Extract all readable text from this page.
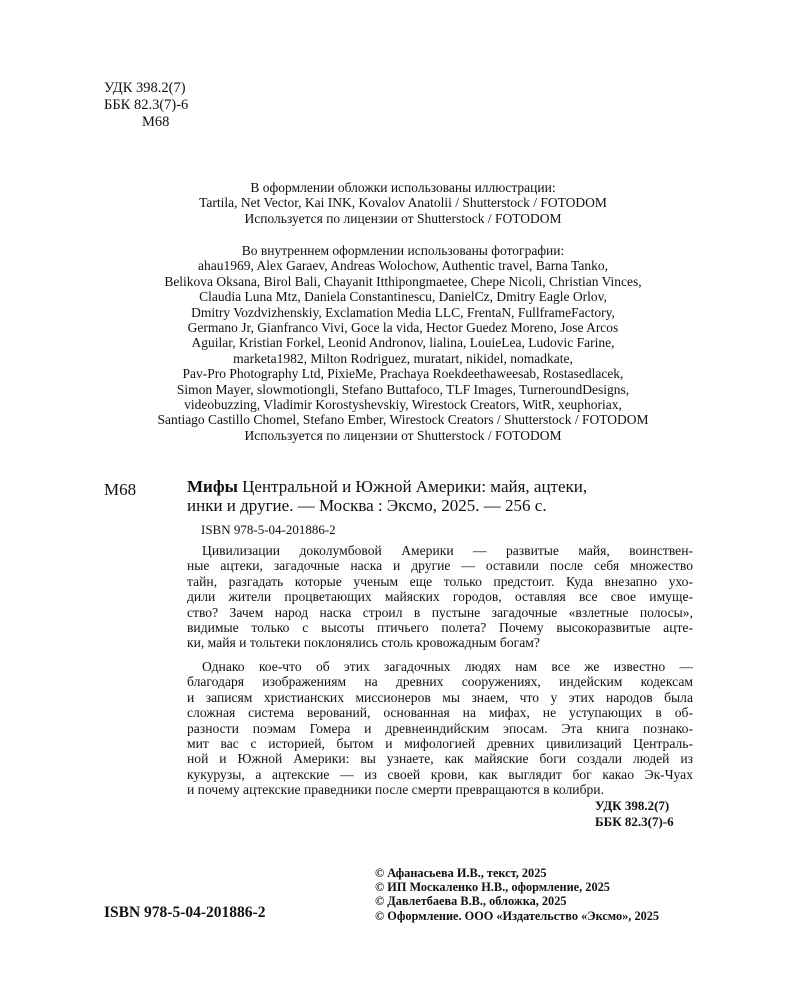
УДК 398.2(7)
ББК 82.3(7)-6
М68
В оформлении обложки использованы иллюстрации:
Tartila, Net Vector, Kai INK, Kovalov Anatolii / Shutterstock / FOTODOM
Используется по лицензии от Shutterstock / FOTODOM
Во внутреннем оформлении использованы фотографии:
ahau1969, Alex Garaev, Andreas Wolochow, Authentic travel, Barna Tanko,
Belikova Oksana, Birol Bali, Chayanit Itthipongmaetee, Chepe Nicoli, Christian Vinces,
Claudia Luna Mtz, Daniela Constantinescu, DanielCz, Dmitry Eagle Orlov,
Dmitry Vozdvizhenskiy, Exclamation Media LLC, FrentaN, FullframeFactory,
Germano Jr, Gianfranco Vivi, Goce la vida, Hector Guedez Moreno, Jose Arcos
Aguilar, Kristian Forkel, Leonid Andronov, lialina, LouieLea, Ludovic Farine,
marketa1982, Milton Rodriguez, muratart, nikidel, nomadkate,
Pav-Pro Photography Ltd, PixieMe, Prachaya Roekdeethaweesab, Rostasedlacek,
Simon Mayer, slowmotiongli, Stefano Buttafoco, TLF Images, TurneroundDesigns,
videobuzzing, Vladimir Korostyshevskiy, Wirestock Creators, WitR, xeuphoriax,
Santiago Castillo Chomel, Stefano Ember, Wirestock Creators / Shutterstock / FOTODOM
Используется по лицензии от Shutterstock / FOTODOM
М68	Мифы Центральной и Южной Америки: майя, ацтеки,
инки и другие. — Москва : Эксмо, 2025. — 256 с.
ISBN 978-5-04-201886-2
Цивилизации доколумбовой Америки — развитые майя, воинствен-
ные ацтеки, загадочные наска и другие — оставили после себя множество
тайн, разгадать которые ученым еще только предстоит. Куда внезапно ухо-
дили жители процветающих майяских городов, оставляя все свое имуще-
ство? Зачем народ наска строил в пустыне загадочные «взлетные полосы»,
видимые только с высоты птичьего полета? Почему высокоразвитые ацте-
ки, майя и тольтеки поклонялись столь кровожадным богам?
Однако кое-что об этих загадочных людях нам все же известно —
благодаря изображениям на древних сооружениях, индейским кодексам
и записям христианских миссионеров мы знаем, что у этих народов была
сложная система верований, основанная на мифах, не уступающих в об-
разности поэмам Гомера и древнеиндийским эпосам. Эта книга познако-
мит вас с историей, бытом и мифологией древних цивилизаций Централь-
ной и Южной Америки: вы узнаете, как майяские боги создали людей из
кукурузы, а ацтекские — из своей крови, как выглядит бог какао Эк-Чуах
и почему ацтекские праведники после смерти превращаются в колибри.
УДК 398.2(7)
ББК 82.3(7)-6
ISBN 978-5-04-201886-2
© Афанасьева И.В., текст, 2025
© ИП Москаленко Н.В., оформление, 2025
© Давлетбаева В.В., обложка, 2025
© Оформление. ООО «Издательство «Эксмо», 2025
